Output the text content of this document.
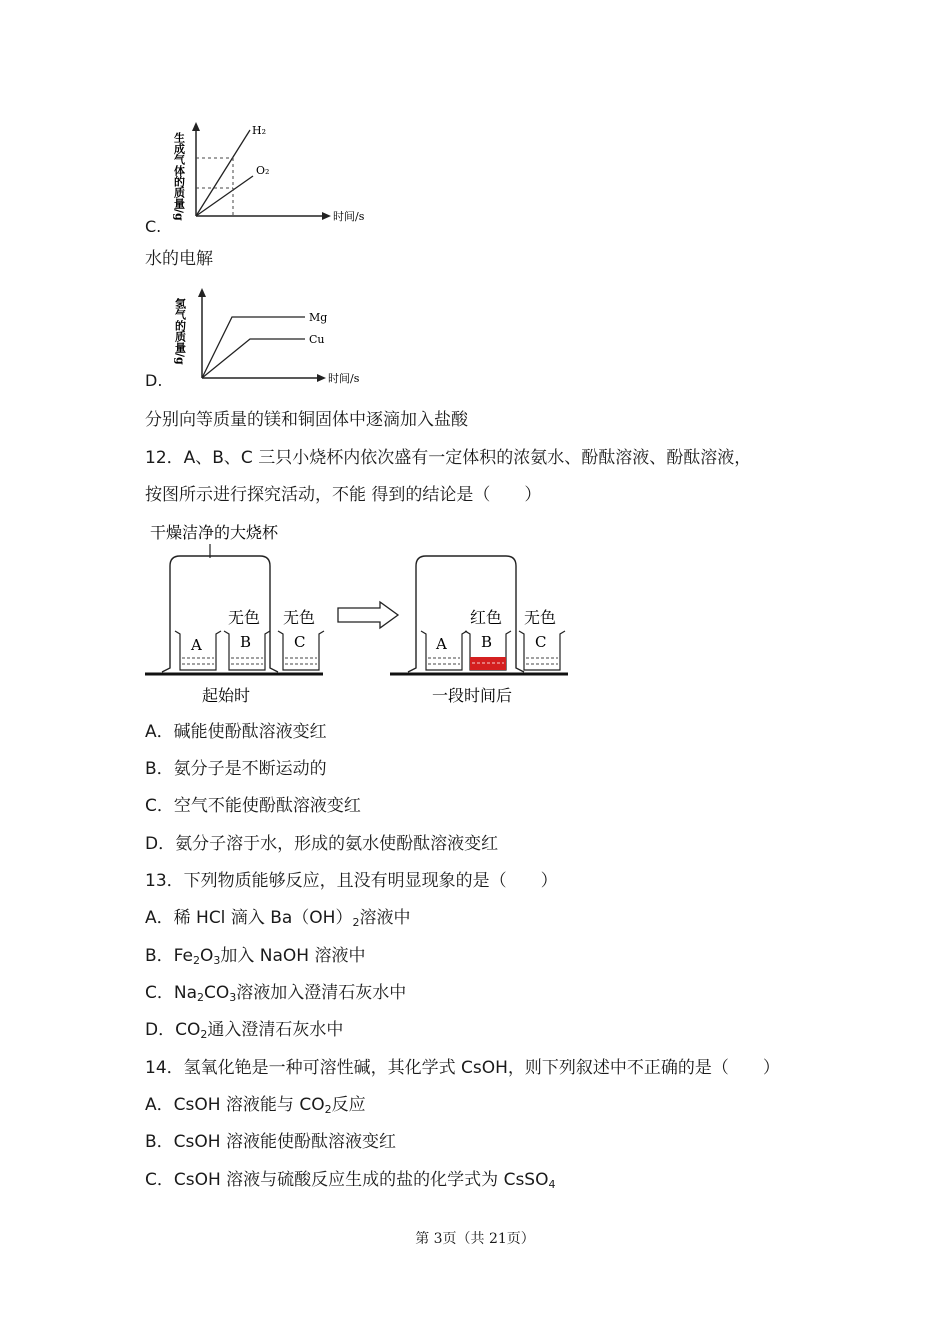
生成气体的质量/g	时间/s
H₂
O₂
C.
水的电解
氢气的质量/g
时间/s
Mg
Cu
D.
分别向等质量的镁和铜固体中逐滴加入盐酸
12．A、B、C 三只小烧杯内依次盛有一定体积的浓氨水、酚酞溶液、酚酞溶液，
按图所示进行探究活动，不能 得到的结论是（　　）
干燥洁净的大烧杯
A	B	C
无色 无色
起始时
A B	C
红色 无色
一段时间后
A．碱能使酚酞溶液变红
B．氨分子是不断运动的
C．空气不能使酚酞溶液变红
D．氨分子溶于水，形成的氨水使酚酞溶液变红
13．下列物质能够反应，且没有明显现象的是（　　）
A．稀 HCl 滴入 $Ba(OH)_2$溶液中
B．$Fe_2O_3$加入 NaOH 溶液中
C．$Na_2CO_3$溶液加入澄清石灰水中
D．$CO_2$通入澄清石灰水中
14．氢氧化铯是一种可溶性碱，其化学式 CsOH，则下列叙述中不正确的是（　　）
A．CsOH 溶液能与 $CO_2$反应
B．CsOH 溶液能使酚酞溶液变红
C．CsOH 溶液与硫酸反应生成的盐的化学式为 CsSO$_4$
第 3页（共 21页）
